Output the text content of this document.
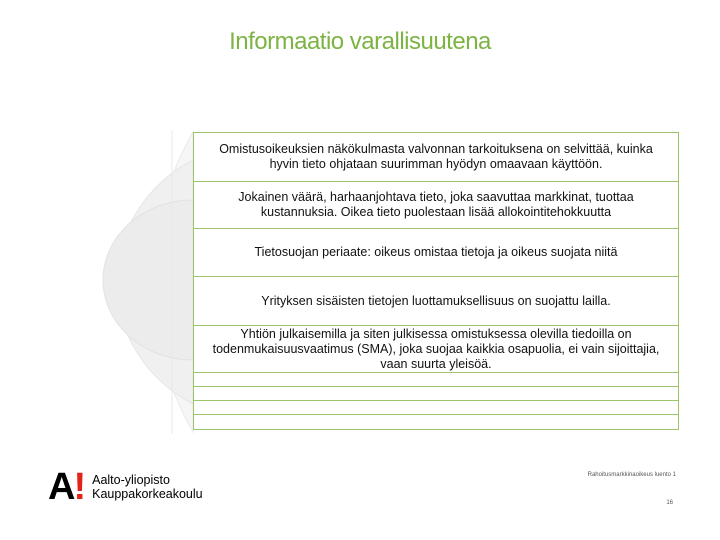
Informaatio varallisuutena
Omistusoikeuksien näkökulmasta valvonnan tarkoituksena on selvittää, kuinka hyvin tieto ohjataan suurimman hyödyn omaavaan käyttöön.
Jokainen väärä, harhaanjohtava tieto, joka saavuttaa markkinat, tuottaa kustannuksia. Oikea tieto puolestaan lisää allokointitehokkuutta
Tietosuojan periaate: oikeus omistaa tietoja ja oikeus suojata niitä
Yrityksen sisäisten tietojen luottamuksellisuus on suojattu lailla.
Yhtiön julkaisemilla ja siten julkisessa omistuksessa olevilla tiedoilla on todenmukaisuusvaatimus (SMA), joka suojaa kaikkia osapuolia, ei vain sijoittajia, vaan suurta yleisöä.
A! Aalto-yliopisto
Kauppakorkeakoulu
Rahoitusmarkkinaoikeus luento 1
16
